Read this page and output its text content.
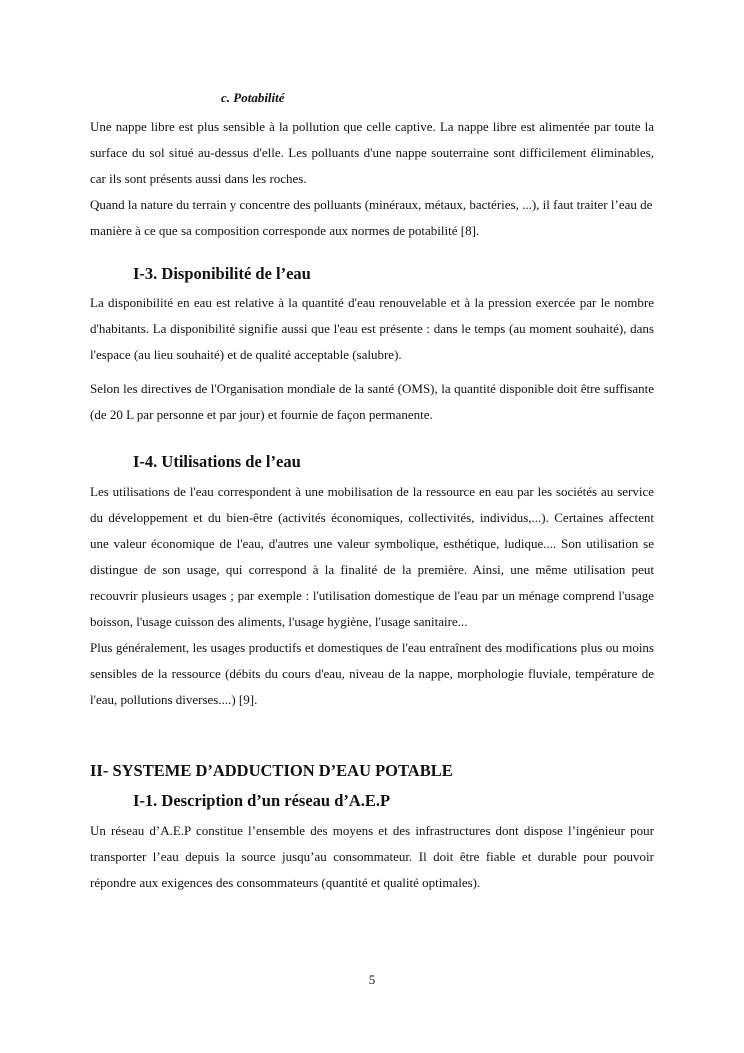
c. Potabilité

Une nappe libre est plus sensible à la pollution que celle captive. La nappe libre est alimentée par toute la surface du sol situé au-dessus d'elle. Les polluants d'une nappe souterraine sont difficilement éliminables, car ils sont présents aussi dans les roches.

Quand la nature du terrain y concentre des polluants (minéraux, métaux, bactéries, ...), il faut traiter l’eau de manière à ce que sa composition corresponde aux normes de potabilité [8].

I-3. Disponibilité de l’eau

La disponibilité en eau est relative à la quantité d'eau renouvelable et à la pression exercée par le nombre d'habitants. La disponibilité signifie aussi que l'eau est présente : dans le temps (au moment souhaité), dans l'espace (au lieu souhaité) et de qualité acceptable (salubre).

Selon les directives de l'Organisation mondiale de la santé (OMS), la quantité disponible doit être suffisante (de 20 L par personne et par jour) et fournie de façon permanente.

I-4. Utilisations de l’eau

Les utilisations de l'eau correspondent à une mobilisation de la ressource en eau par les sociétés au service du développement et du bien-être (activités économiques, collectivités, individus,...). Certaines affectent une valeur économique de l'eau, d'autres une valeur symbolique, esthétique, ludique.... Son utilisation se distingue de son usage, qui correspond à la finalité de la première. Ainsi, une même utilisation peut recouvrir plusieurs usages ; par exemple : l'utilisation domestique de l'eau par un ménage comprend l'usage boisson, l'usage cuisson des aliments, l'usage hygiène, l'usage sanitaire...

Plus généralement, les usages productifs et domestiques de l'eau entraînent des modifications plus ou moins sensibles de la ressource (débits du cours d'eau, niveau de la nappe, morphologie fluviale, température de l'eau, pollutions diverses....) [9].

II- SYSTEME D’ADDUCTION D’EAU POTABLE
I-1. Description d’un réseau d’A.E.P

Un réseau d’A.E.P constitue l’ensemble des moyens et des infrastructures dont dispose l’ingénieur pour transporter l’eau depuis la source jusqu’au consommateur. Il doit être fiable et durable pour pouvoir répondre aux exigences des consommateurs (quantité et qualité optimales).

5
